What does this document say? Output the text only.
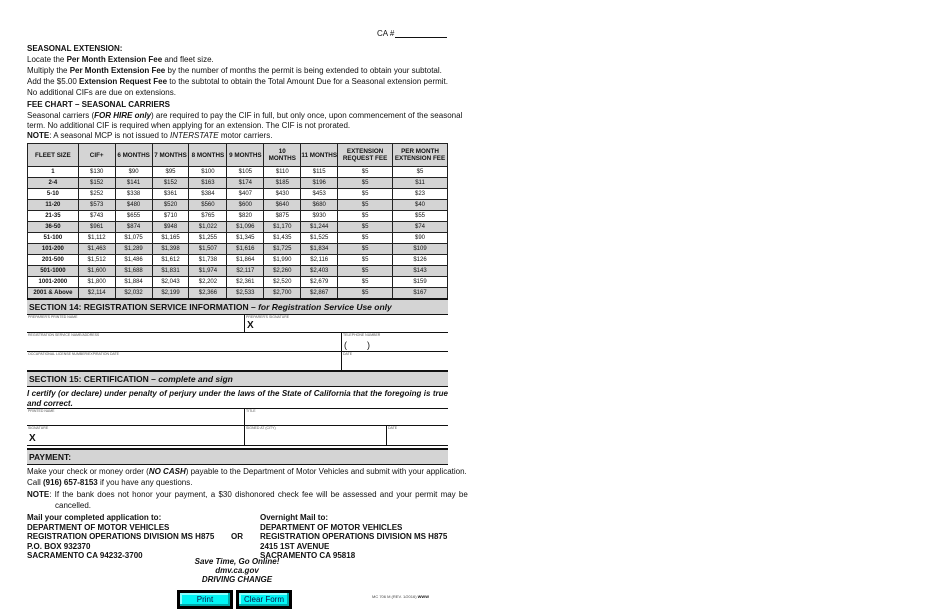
CA #
SEASONAL EXTENSION:
Locate the Per Month Extension Fee and fleet size.
Multiply the Per Month Extension Fee by the number of months the permit is being extended to obtain your subtotal.
Add the $5.00 Extension Request Fee to the subtotal to obtain the Total Amount Due for a Seasonal extension permit.
No additional CIFs are due on extensions.
FEE CHART – SEASONAL CARRIERS
Seasonal carriers (FOR HIRE only) are required to pay the CIF in full, but only once, upon commencement of the seasonal
term. No additional CIF is required when applying for an extension. The CIF is not prorated.
NOTE: A seasonal MCP is not issued to INTERSTATE motor carriers.
FLEET SIZE	CIF+	6 MONTHS	7 MONTHS	8 MONTHS	9 MONTHS	10 MONTHS	11 MONTHS	EXTENSION REQUEST FEE	PER MONTH EXTENSION FEE
1	$130	$90	$95	$100	$105	$110	$115	$5	$5
2-4	$152	$141	$152	$163	$174	$185	$196	$5	$11
5-10	$252	$338	$361	$384	$407	$430	$453	$5	$23
11-20	$573	$480	$520	$560	$600	$640	$680	$5	$40
21-35	$743	$655	$710	$765	$820	$875	$930	$5	$55
36-50	$961	$874	$948	$1,022	$1,096	$1,170	$1,244	$5	$74
51-100	$1,112	$1,075	$1,165	$1,255	$1,345	$1,435	$1,525	$5	$90
101-200	$1,463	$1,289	$1,398	$1,507	$1,616	$1,725	$1,834	$5	$109
201-500	$1,512	$1,486	$1,612	$1,738	$1,864	$1,990	$2,116	$5	$126
501-1000	$1,600	$1,688	$1,831	$1,974	$2,117	$2,260	$2,403	$5	$143
1001-2000	$1,800	$1,884	$2,043	$2,202	$2,361	$2,520	$2,679	$5	$159
2001 & Above	$2,114	$2,032	$2,199	$2,366	$2,533	$2,700	$2,867	$5	$167
SECTION 14: REGISTRATION SERVICE INFORMATION – for Registration Service Use only
PREPARER'S PRINTED NAME	PREPARER'S SIGNATURE
X
REGISTRATION SERVICE NAME/ADDRESS	TELEPHONE NUMBER
(        )
OCCUPATIONAL LICENSE NUMBER/EXPIRATION DATE	DATE
SECTION 15: CERTIFICATION – complete and sign
I certify (or declare) under penalty of perjury under the laws of the State of California that the foregoing is true and correct.
PRINTED NAME	TITLE
SIGNATURE
X
SIGNED AT (CITY)	DATE
PAYMENT:
Make your check or money order (NO CASH) payable to the Department of Motor Vehicles and submit with your application.
Call (916) 657-8153 if you have any questions.
NOTE: If the bank does not honor your payment, a $30 dishonored check fee will be assessed and your permit may be
cancelled.
Mail your completed application to:
DEPARTMENT OF MOTOR VEHICLES
REGISTRATION OPERATIONS DIVISION MS H875
P.O. BOX 932370
SACRAMENTO CA 94232-3700
OR
Overnight Mail to:
DEPARTMENT OF MOTOR VEHICLES
REGISTRATION OPERATIONS DIVISION MS H875
2415 1ST AVENUE
SACRAMENTO CA 95818
Save Time, Go Online!
dmv.ca.gov
DRIVING CHANGE
MC 706 M (REV. 1/2016) WWW
Print	Clear Form
